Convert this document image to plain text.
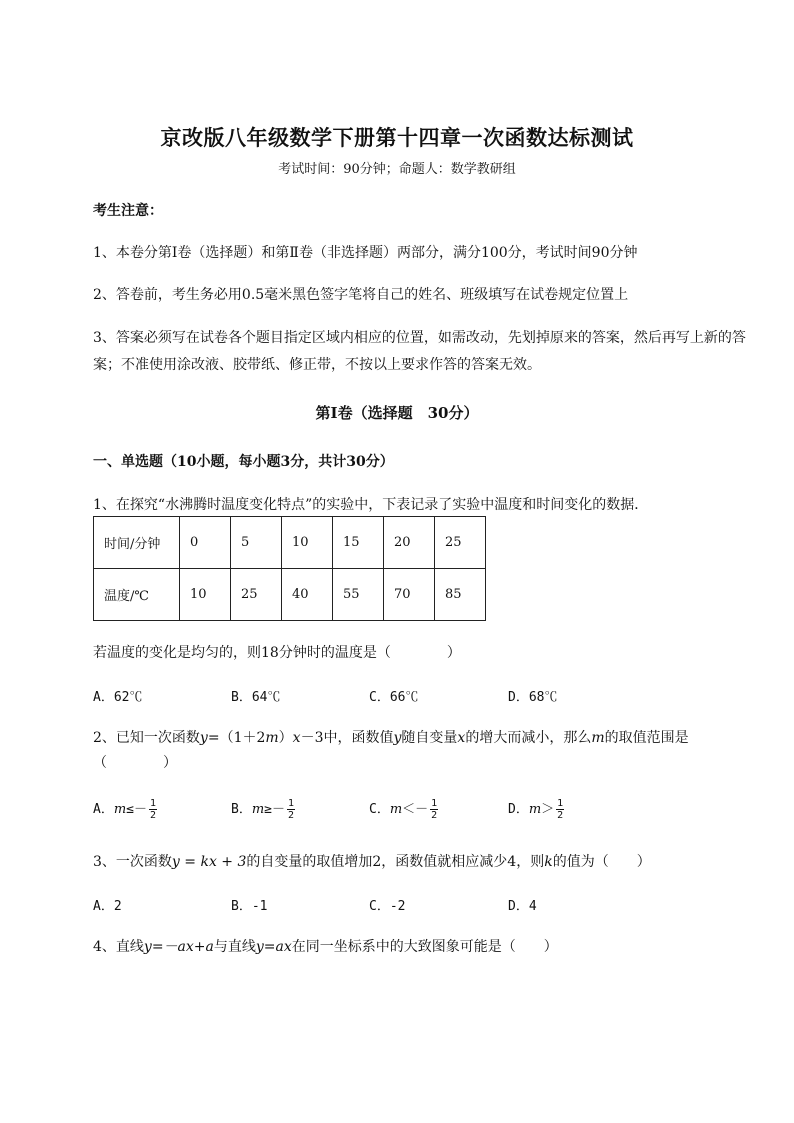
京改版八年级数学下册第十四章一次函数达标测试
考试时间：90分钟；命题人：数学教研组
考生注意：
1、本卷分第I卷（选择题）和第Ⅱ卷（非选择题）两部分，满分100分，考试时间90分钟
2、答卷前，考生务必用0.5毫米黑色签字笔将自己的姓名、班级填写在试卷规定位置上
3、答案必须写在试卷各个题目指定区域内相应的位置，如需改动，先划掉原来的答案，然后再写上新的答案；不准使用涂改液、胶带纸、修正带，不按以上要求作答的答案无效。
第I卷（选择题　30分）
一、单选题（10小题，每小题3分，共计30分）
1、在探究“水沸腾时温度变化特点”的实验中，下表记录了实验中温度和时间变化的数据．
时间/分钟	0	5	10	15	20	25
温度/℃	10	25	40	55	70	85
若温度的变化是均匀的，则18分钟时的温度是（　　　　）
A．62℃	B．64℃	C．66℃	D．68℃
2、已知一次函数y=（1＋2m）x－3中，函数值y随自变量x的增大而减小，那么m的取值范围是
（　　　　）
A．$m\le- \frac{1}{2}$	B．$m\ge- \frac{1}{2}$	C．$m<- \frac{1}{2}$	D．$m> \frac{1}{2}$
3、一次函数y = kx + 3的自变量的取值增加2，函数值就相应减少4，则k的值为（　　）
A．2	B．-1	C．-2	D．4
4、直线y=－ax+a与直线y=ax在同一坐标系中的大致图象可能是（　　）
